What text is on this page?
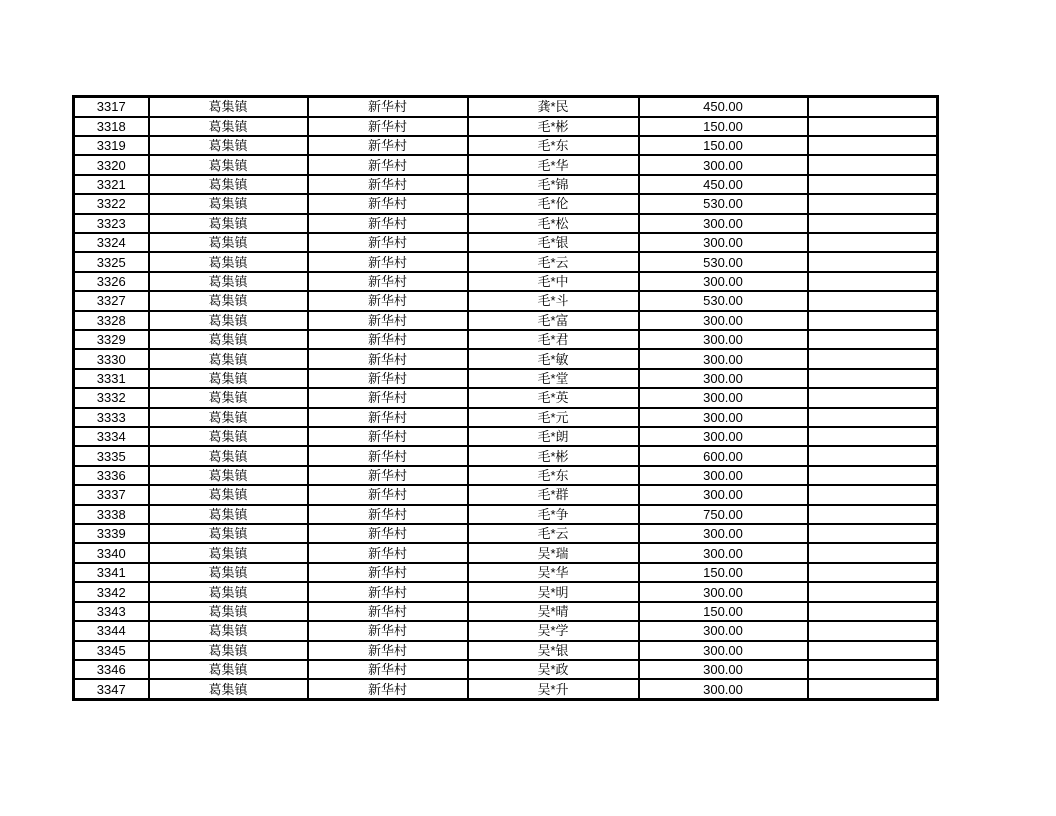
3317	葛集镇	新华村	龚*民	450.00	
3318	葛集镇	新华村	毛*彬	150.00	
3319	葛集镇	新华村	毛*东	150.00	
3320	葛集镇	新华村	毛*华	300.00	
3321	葛集镇	新华村	毛*锦	450.00	
3322	葛集镇	新华村	毛*伦	530.00	
3323	葛集镇	新华村	毛*松	300.00	
3324	葛集镇	新华村	毛*银	300.00	
3325	葛集镇	新华村	毛*云	530.00	
3326	葛集镇	新华村	毛*中	300.00	
3327	葛集镇	新华村	毛*斗	530.00	
3328	葛集镇	新华村	毛*富	300.00	
3329	葛集镇	新华村	毛*君	300.00	
3330	葛集镇	新华村	毛*敏	300.00	
3331	葛集镇	新华村	毛*堂	300.00	
3332	葛集镇	新华村	毛*英	300.00	
3333	葛集镇	新华村	毛*元	300.00	
3334	葛集镇	新华村	毛*朗	300.00	
3335	葛集镇	新华村	毛*彬	600.00	
3336	葛集镇	新华村	毛*东	300.00	
3337	葛集镇	新华村	毛*群	300.00	
3338	葛集镇	新华村	毛*争	750.00	
3339	葛集镇	新华村	毛*云	300.00	
3340	葛集镇	新华村	吴*瑞	300.00	
3341	葛集镇	新华村	吴*华	150.00	
3342	葛集镇	新华村	吴*明	300.00	
3343	葛集镇	新华村	吴*晴	150.00	
3344	葛集镇	新华村	吴*学	300.00	
3345	葛集镇	新华村	吴*银	300.00	
3346	葛集镇	新华村	吴*政	300.00	
3347	葛集镇	新华村	吴*升	300.00	
